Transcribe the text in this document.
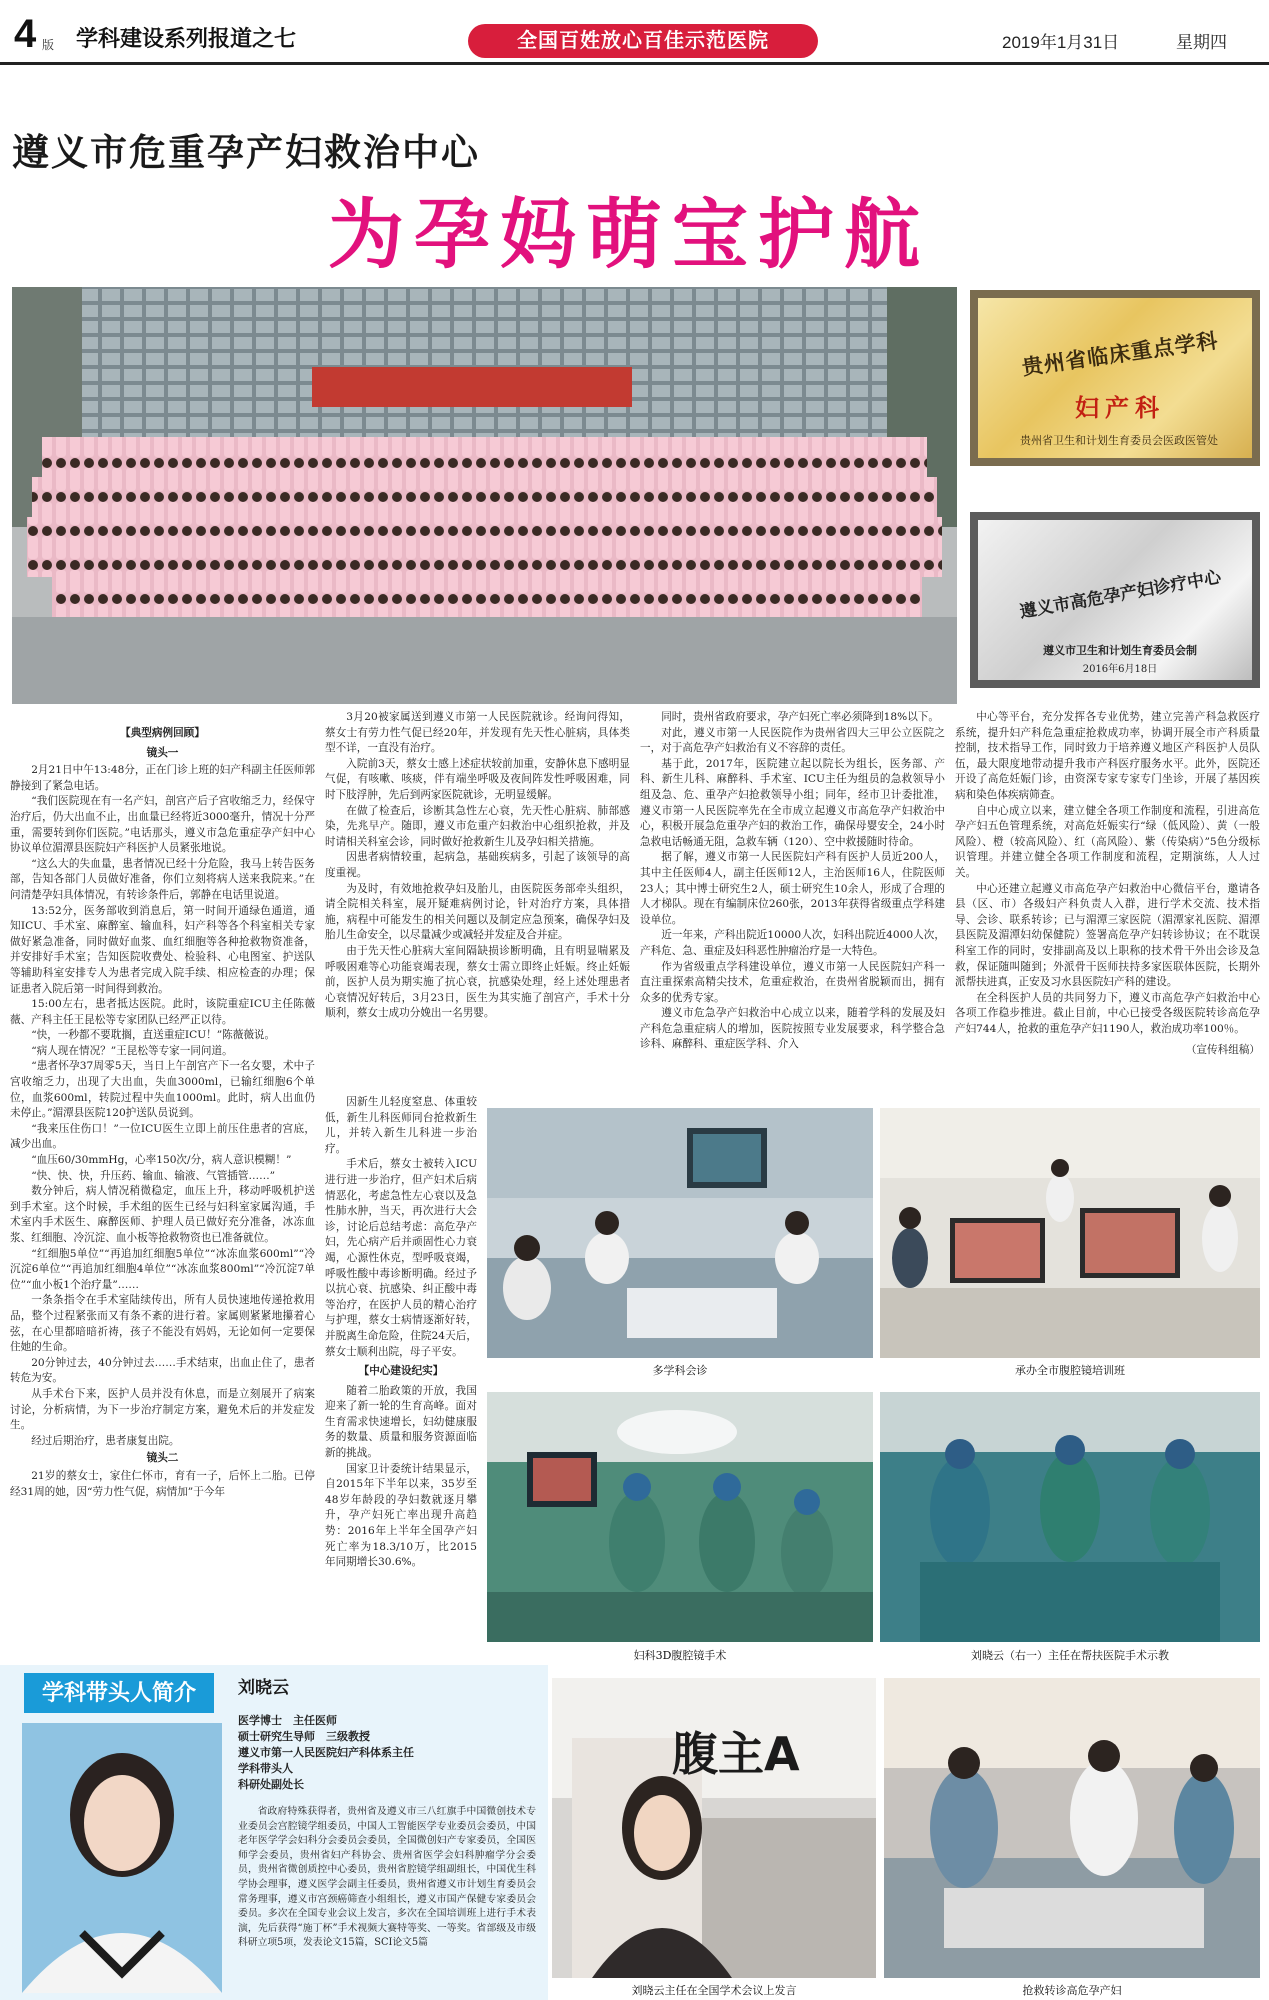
4 版 学科建设系列报道之七	全国百姓放心百佳示范医院	2019年1月31日	星期四
遵义市危重孕产妇救治中心
为孕妈萌宝护航
贵州省临床重点学科
妇产科
贵州省卫生和计划生育委员会医政医管处
遵义市高危孕产妇诊疗中心
遵义市卫生和计划生育委员会制
2016年6月18日
【典型病例回顾】
镜头一

2月21日中午13:48分，正在门诊上班的妇产科副主任医师郭静接到了紧急电话。

“我们医院现在有一名产妇，剖宫产后子宫收缩乏力，经保守治疗后，仍大出血不止，出血量已经将近3000毫升，情况十分严重，需要转到你们医院。”电话那头，遵义市急危重症孕产妇中心协议单位湄潭县医院妇产科医护人员紧张地说。

“这么大的失血量，患者情况已经十分危险，我马上转告医务部，告知各部门人员做好准备，你们立刻将病人送来我院来。”在问清楚孕妇具体情况，有转诊条件后，郭静在电话里说道。

13:52分，医务部收到消息后，第一时间开通绿色通道，通知ICU、手术室、麻醉室、输血科，妇产科等各个科室相关专家做好紧急准备，同时做好血浆、血红细胞等各种抢救物资准备，并安排好手术室；告知医院收费处、检验科、心电图室、护送队等辅助科室安排专人为患者完成入院手续、相应检查的办理；保证患者入院后第一时间得到救治。

15:00左右，患者抵达医院。此时，该院重症ICU主任陈薇薇、产科主任王昆松等专家团队已经严正以待。

“快，一秒都不要耽搁，直送重症ICU！”陈薇薇说。

“病人现在情况？”王昆松等专家一同问道。

“患者怀孕37周零5天，当日上午剖宫产下一名女婴，术中子宫收缩乏力，出现了大出血，失血3000ml，已输红细胞6个单位，血浆600ml，转院过程中失血1000ml。此时，病人出血仍未停止。”湄潭县医院120护送队员说到。

“我来压住伤口！”一位ICU医生立即上前压住患者的宫底，减少出血。

“血压60/30mmHg，心率150次/分，病人意识模糊！”

“快、快、快，升压药、输血、输液、气管插管……”

数分钟后，病人情况稍微稳定，血压上升，移动呼吸机护送到手术室。这个时候，手术组的医生已经与妇科室家属沟通，手术室内手术医生、麻醉医师、护理人员已做好充分准备，冰冻血浆、红细胞、冷沉淀、血小板等抢救物资也已准备就位。

“红细胞5单位”“再追加红细胞5单位”“冰冻血浆600ml”“冷沉淀6单位”“再追加红细胞4单位”“冰冻血浆800ml”“冷沉淀7单位”“血小板1个治疗量”……

一条条指令在手术室陆续传出，所有人员快速地传递抢救用品，整个过程紧张而又有条不紊的进行着。家属则紧紧地攥着心弦，在心里都暗暗祈祷，孩子不能没有妈妈，无论如何一定要保住她的生命。

20分钟过去，40分钟过去……手术结束，出血止住了，患者转危为安。

从手术台下来，医护人员并没有休息，而是立刻展开了病案讨论，分析病情，为下一步治疗制定方案，避免术后的并发症发生。

经过后期治疗，患者康复出院。

镜头二

21岁的蔡女士，家住仁怀市，育有一子，后怀上二胎。已停经31周的她，因“劳力性气促，病情加”于今年

3月20被家属送到遵义市第一人民医院就诊。经询问得知，蔡女士有劳力性气促已经20年，并发现有先天性心脏病，具体类型不详，一直没有治疗。

入院前3天，蔡女士感上述症状较前加重，安静休息下感明显气促，有咳嗽、咳痰，伴有端坐呼吸及夜间阵发性呼吸困难，同时下肢浮肿，先后到两家医院就诊，无明显缓解。

在做了检查后，诊断其急性左心衰，先天性心脏病、肺部感染，先兆早产。随即，遵义市危重产妇救治中心组织抢救，并及时请相关科室会诊，同时做好抢救新生儿及孕妇相关措施。

因患者病情较重，起病急，基础疾病多，引起了该领导的高度重视。

为及时，有效地抢救孕妇及胎儿，由医院医务部牵头组织，请全院相关科室，展开疑难病例讨论，针对治疗方案，具体措施，病程中可能发生的相关问题以及制定应急预案，确保孕妇及胎儿生命安全，以尽量减少或减轻并发症及合并症。

由于先天性心脏病大室间隔缺损诊断明确，且有明显喘累及呼吸困难等心功能衰竭表现，蔡女士需立即终止妊娠。终止妊娠前，医护人员为期实施了抗心衰，抗感染处理，经上述处理患者心衰情况好转后，3月23日，医生为其实施了剖宫产，手术十分顺利，蔡女士成功分娩出一名男婴。

因新生儿轻度窒息、体重较低，新生儿科医师同台抢救新生儿，并转入新生儿科进一步治疗。

手术后，蔡女士被转入ICU进行进一步治疗，但产妇术后病情恶化，考虑急性左心衰以及急性肺水肿，当天，再次进行大会诊，讨论后总结考虑：高危孕产妇，先心病产后并顽固性心力衰竭，心源性休克，型呼吸衰竭，呼吸性酸中毒诊断明确。经过予以抗心衰、抗感染、纠正酸中毒等治疗，在医护人员的精心治疗与护理，蔡女士病情逐渐好转，并脱离生命危险，住院24天后，蔡女士顺利出院，母子平安。

【中心建设纪实】

随着二胎政策的开放，我国迎来了新一轮的生育高峰。面对生育需求快速增长，妇幼健康服务的数量、质量和服务资源面临新的挑战。

国家卫计委统计结果显示，自2015年下半年以来，35岁至48岁年龄段的孕妇数就逐月攀升，孕产妇死亡率出现升高趋势：2016年上半年全国孕产妇死亡率为18.3/10万，比2015年同期增长30.6%。

同时，贵州省政府要求，孕产妇死亡率必须降到18%以下。

对此，遵义市第一人民医院作为贵州省四大三甲公立医院之一，对于高危孕产妇救治有义不容辞的责任。

基于此，2017年，医院建立起以院长为组长，医务部、产科、新生儿科、麻醉科、手术室、ICU主任为组员的急救领导小组及急、危、重孕产妇抢救领导小组；同年，经市卫计委批准，遵义市第一人民医院率先在全市成立起遵义市高危孕产妇救治中心，积极开展急危重孕产妇的救治工作，确保母婴安全，24小时急救电话畅通无阻，急救车辆（120）、空中救援随时待命。

据了解，遵义市第一人民医院妇产科有医护人员近200人，其中主任医师4人，副主任医师12人，主治医师16人，住院医师23人；其中博士研究生2人，硕士研究生10余人，形成了合理的人才梯队。现在有编制床位260张，2013年获得省级重点学科建设单位。

近一年来，产科出院近10000人次，妇科出院近4000人次，产科危、急、重症及妇科恶性肿瘤治疗是一大特色。

作为省级重点学科建设单位，遵义市第一人民医院妇产科一直注重探索高精尖技术，危重症救治，在贵州省脱颖而出，拥有众多的优秀专家。

遵义市危急孕产妇救治中心成立以来，随着学科的发展及妇产科危急重症病人的增加，医院按照专业发展要求，科学整合急诊科、麻醉科、重症医学科、介入

中心等平台，充分发挥各专业优势，建立完善产科急救医疗系统，提升妇产科危急重症抢救成功率，协调开展全市产科质量控制，技术指导工作，同时致力于培养遵义地区产科医护人员队伍，最大限度地带动提升我市产科医疗服务水平。此外，医院还开设了高危妊娠门诊，由资深专家专家专门坐诊，开展了基因疾病和染色体疾病筛查。

自中心成立以来，建立健全各项工作制度和流程，引进高危孕产妇五色管理系统，对高危妊娠实行“绿（低风险）、黄（一般风险）、橙（较高风险）、红（高风险）、紫（传染病）”5色分级标识管理。并建立健全各项工作制度和流程，定期演练，人人过关。

中心还建立起遵义市高危孕产妇救治中心微信平台，邀请各县（区、市）各级妇产科负责人入群，进行学术交流、技术指导、会诊、联系转诊；已与湄潭三家医院（湄潭家礼医院、湄潭县医院及湄潭妇幼保健院）签署高危孕产妇转诊协议；在不耽误科室工作的同时，安排副高及以上职称的技术骨干外出会诊及急救，保证随叫随到；外派骨干医师扶持多家医联体医院，长期外派帮扶进真，正安及习水县医院妇产科的建设。

在全科医护人员的共同努力下，遵义市高危孕产妇救治中心各项工作稳步推进。截止目前，中心已接受各级医院转诊高危孕产妇744人，抢救的重危孕产妇1190人，救治成功率100％。

（宣传科组稿）
多学科会诊	承办全市腹腔镜培训班
妇科3D腹腔镜手术	刘晓云（右一）主任在帮扶医院手术示教
腹主A
刘晓云主任在全国学术会议上发言	抢救转诊高危孕产妇
学科带头人简介	刘晓云
医学博士　主任医师
硕士研究生导师　三级教授
遵义市第一人民医院妇产科体系主任
学科带头人
科研处副处长
省政府特殊获得者，贵州省及遵义市三八红旗手中国微创技术专业委员会宫腔镜学组委员，中国人工智能医学专业委员会委员，中国老年医学学会妇科分会委员会委员，全国微创妇产专家委员，全国医师学会委员，贵州省妇产科协会、贵州省医学会妇科肿瘤学分会委员，贵州省微创质控中心委员，贵州省腔镜学组副组长，中国优生科学协会理事，遵义医学会副主任委员，贵州省遵义市计划生育委员会常务理事，遵义市宫颈癌筛查小组组长，遵义市国产保健专家委员会委员。多次在全国专业会议上发言，多次在全国培训班上进行手术表演，先后获得“施丁杯”手术视频大赛特等奖、一等奖。省部级及市级科研立项5项，发表论文15篇，SCI论文5篇
